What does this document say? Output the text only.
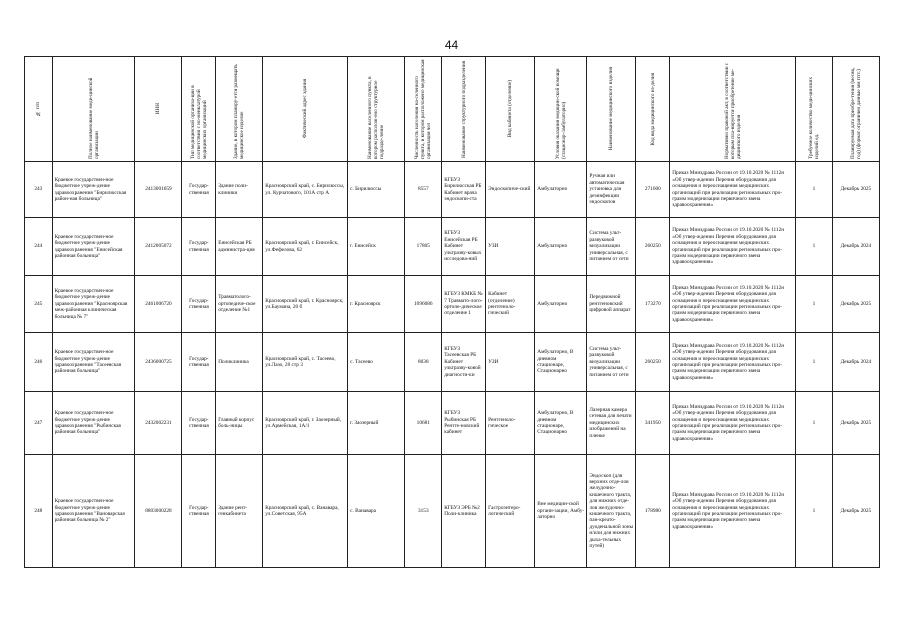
44
№ п/п	Полное наименование меди-цинской организации	ИНН	Тип медицинской организа-ции в соответствии с но-менклатурой медицинских организаций	Здание, в котором планиру-ется размещать медицинское изделие	Фактический адрес здания	Наименование населенного пункта, в котором располож-ено структурное подразде-ление	Численность населения на-селенного пункта, в котором расположено медицинская организация чел	Наименование структурного подразделения	Вид кабинета (отделение)	Условия оказания медицин-ской помощи (стационар-/амбулаторно)	Наименование медицинского изделия	Код вида медицинского из-делия	Нормативно правовой акт, в соответствии с которым пла-нируется приобретение ме-дицинского изделия	Требуемое количество меди-цинских изделий ед.	Планируемая дата приобре-тения (месяц, год) (формат ограничен данные мм гггг.)

243	Краевое государствен-ное бюджетное учреж-дение здравоохранения "Бирилюсская район-ная больница"	2413001659	Государ-ственная	Здание поли-клиники	Красноярский край, с. Бирилюссы, ул. Курчатового, 101А стр А	с. Бирилюссы	8557	КГБУЗ Бирилюсская РБ Кабинет врача эндоскопи-ста	Эндоскопиче-ский	Амбулаторно	Ручная или автоматическая установка для дезинфекции эндоскопов	271600	Приказ Минздрава России от 19.10.2020 № 1112н «Об утвер-ждении Перечня оборудования для оснащения и переоснащения медицинских организаций при реализации региональных про-грамм модернизации первичного звена здравоохранения»	1	Декабрь 2025
244	Краевое государствен-ное бюджетное учреж-дение здравоохранения "Енисейская районная больница"	2412005072	Государ-ственная	Енисейская РБ администра-ция	Красноярский край, г. Енисейск, ул.Фефелова, 62	г. Енисейск	17805	КГБУЗ Енисейская РБ Кабинет ультразву-ковых исследова-ний	УЗИ	Амбулаторно	Система ульт-развуковой визуализации универсальная, с питанием от сети	260250	Приказ Минздрава России от 19.10.2020 № 1112н «Об утвер-ждении Перечня оборудования для оснащения и переоснащения медицинских организаций при реализации региональных про-грамм модернизации первичного звена здравоохранения»	1	Декабрь 2024
245	Краевое государствен-ное бюджетное учреж-дение здравоохранения "Красноярская меж-районная клиническая больница № 7"	2461006720	Государ-ственная	Травматолого-ортопедиче-ское отделение №1	Красноярский край, г. Красноярск, ул.Баумана, 20 б	г. Красноярск	1096086	КГБУЗ КМКБ № 7 Травмато-лого-ортопе-дическое отделение 1	Кабинет (отделение) рентгеноло-гический	Амбулаторно	Передвижной рентгеновский цифровой аппарат	173270	Приказ Минздрава России от 19.10.2020 № 1112н «Об утвер-ждении Перечня оборудования для оснащения и переоснащения медицинских организаций при реализации региональных про-грамм модернизации первичного звена здравоохранения»	1	Декабрь 2025
246	Краевое государствен-ное бюджетное учреж-дение здравоохранения "Тасеевская районная больница"	2436000725	Государ-ственная	Поликлиника	Красноярский край, с. Тасеево, ул.Лазо, 20 стр 3	с. Тасеево	8038	КГБУЗ Тасеевская РБ Кабинет ультразву-ковой диагности-ки	УЗИ	Амбулаторно, В дневном стационаре, Стационарно	Система ульт-развуковой визуализации универсальная, с питанием от сети	260250	Приказ Минздрава России от 19.10.2020 № 1112н «Об утвер-ждении Перечня оборудования для оснащения и переоснащения медицинских организаций при реализации региональных про-грамм модернизации первичного звена здравоохранения»	1	Декабрь 2024
247	Краевое государствен-ное бюджетное учреж-дение здравоохранения "Рыбинская районная больница"	2432002231	Государ-ственная	Главный корпус боль-ницы	Красноярский край, г. Заозерный, ул.Армейская, 1А/1	г. Заозерный	10681	КГБУЗ Рыбинская РБ Рентге-новский кабинет	Рентгеноло-гическое	Амбулаторно, В дневном стационаре, Стационарно	Лазерная камера сетевая для печати медицинских изображений на пленке	341950	Приказ Минздрава России от 19.10.2020 № 1112н «Об утвер-ждении Перечня оборудования для оснащения и переоснащения медицинских организаций при реализации региональных про-грамм модернизации первичного звена здравоохранения»	1	Декабрь 2025
248	Краевое государствен-ное бюджетное учреж-дение здравоохранения "Вановарская районная больница № 2"	8803000228	Государ-ственная	Здание рент-генкабинета	Красноярский край, с. Ванавара, ул.Советская, 95А	с. Ванавара	3153	КГБУЗ ЭРБ №2 Поли-клиника	Гастроэнтеро-логический	Вне медицин-ской органи-зации, Амбу-латорно	Эндоскоп (для верхних отде-лов желудочно-кишечного тракта, для нижних отде-лов желудочно-кишечного тракта, пан-креато-дуоденальной зоны и/или для нижних дыха-тельных путей)	178980	Приказ Минздрава России от 19.10.2020 № 1112н «Об утвер-ждении Перечня оборудования для оснащения и переоснащения медицинских организаций при реализации региональных про-грамм модернизации первичного звена здравоохранения»	1	Декабрь 2025
